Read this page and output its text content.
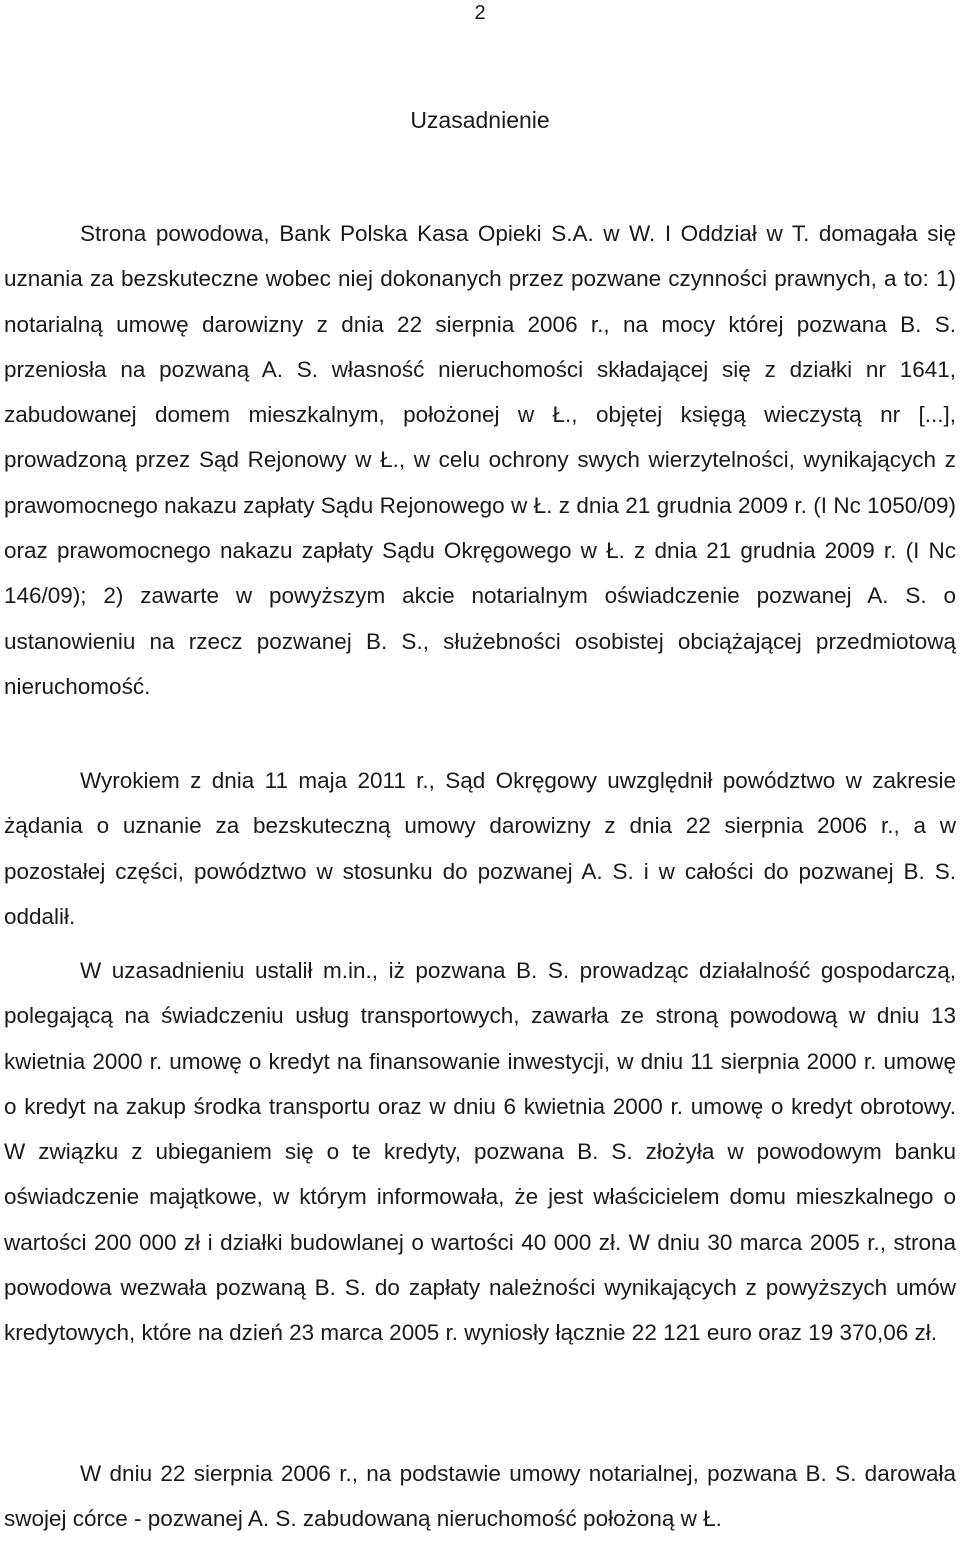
2
Uzasadnienie

Strona powodowa, Bank Polska Kasa Opieki S.A. w W. I Oddział w T. domagała się uznania za bezskuteczne wobec niej dokonanych przez pozwane czynności prawnych, a to: 1) notarialną umowę darowizny z dnia 22 sierpnia 2006 r., na mocy której pozwana B. S. przeniosła na pozwaną A. S. własność nieruchomości składającej się z działki nr 1641, zabudowanej domem mieszkalnym, położonej w Ł., objętej księgą wieczystą nr [...], prowadzoną przez Sąd Rejonowy w Ł., w celu ochrony swych wierzytelności, wynikających z prawomocnego nakazu zapłaty Sądu Rejonowego w Ł. z dnia 21 grudnia 2009 r. (I Nc 1050/09) oraz prawomocnego nakazu zapłaty Sądu Okręgowego w Ł. z dnia 21 grudnia 2009 r. (I Nc 146/09); 2) zawarte w powyższym akcie notarialnym oświadczenie pozwanej A. S. o ustanowieniu na rzecz pozwanej B. S., służebności osobistej obciążającej przedmiotową nieruchomość.

Wyrokiem z dnia 11 maja 2011 r., Sąd Okręgowy uwzględnił powództwo w zakresie żądania o uznanie za bezskuteczną umowy darowizny z dnia 22 sierpnia 2006 r., a w pozostałej części, powództwo w stosunku do pozwanej A. S. i w całości do pozwanej B. S. oddalił.

W uzasadnieniu ustalił m.in., iż pozwana B. S. prowadząc działalność gospodarczą, polegającą na świadczeniu usług transportowych, zawarła ze stroną powodową w dniu 13 kwietnia 2000 r. umowę o kredyt na finansowanie inwestycji, w dniu 11 sierpnia 2000 r. umowę o kredyt na zakup środka transportu oraz w dniu 6 kwietnia 2000 r. umowę o kredyt obrotowy. W związku z ubieganiem się o te kredyty, pozwana B. S. złożyła w powodowym banku oświadczenie majątkowe, w którym informowała, że jest właścicielem domu mieszkalnego o wartości 200 000 zł i działki budowlanej o wartości 40 000 zł. W dniu 30 marca 2005 r., strona powodowa wezwała pozwaną B. S. do zapłaty należności wynikających z powyższych umów kredytowych, które na dzień 23 marca 2005 r. wyniosły łącznie 22 121 euro oraz 19 370,06 zł.

W dniu 22 sierpnia 2006 r., na podstawie umowy notarialnej, pozwana B. S. darowała swojej córce - pozwanej A. S. zabudowaną nieruchomość położoną w Ł.
